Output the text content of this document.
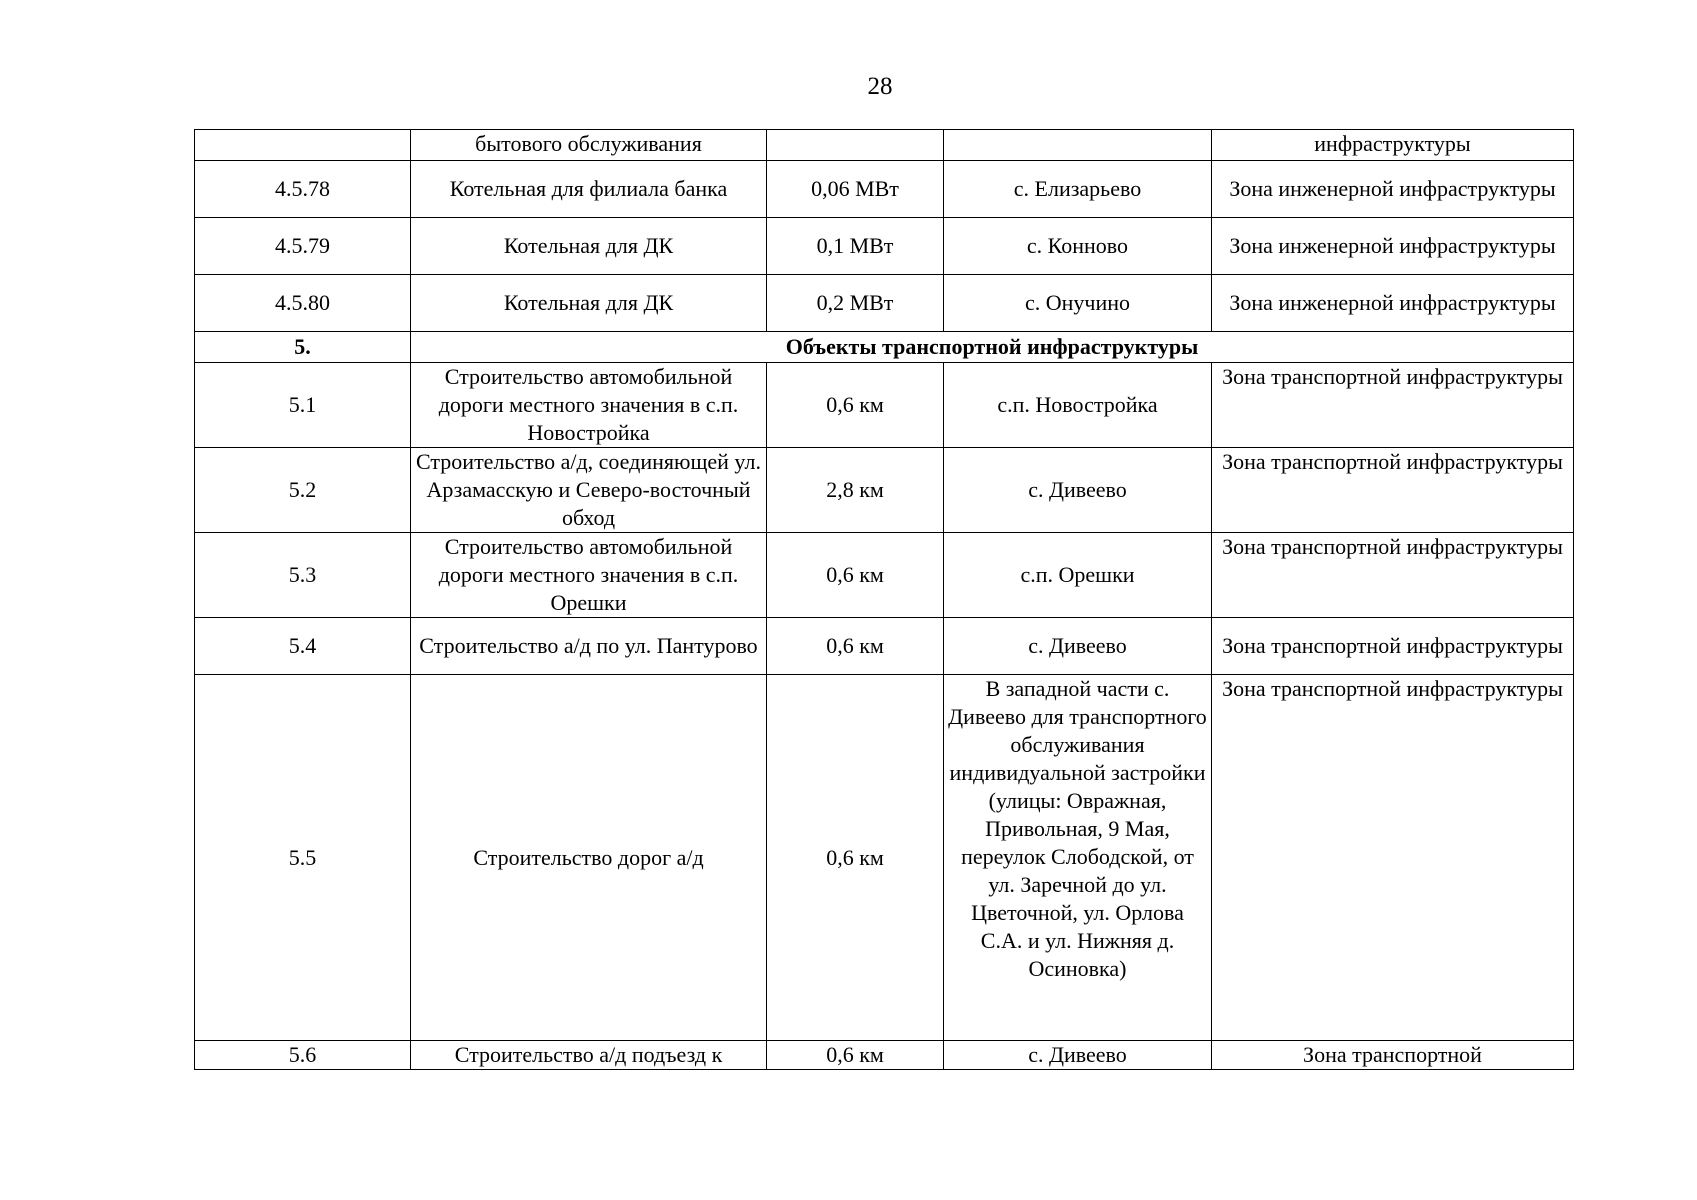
28
	бытового обслуживания			инфраструктуры
4.5.78	Котельная для филиала банка	0,06 МВт	с. Елизарьево	Зона инженерной инфраструктуры
4.5.79	Котельная для ДК	0,1 МВт	с. Конново	Зона инженерной инфраструктуры
4.5.80	Котельная для ДК	0,2 МВт	с. Онучино	Зона инженерной инфраструктуры
5.	Объекты транспортной инфраструктуры			
5.1	Строительство автомобильной дороги местного значения в с.п. Новостройка	0,6 км	с.п. Новостройка	Зона транспортной инфраструктуры
5.2	Строительство а/д, соединяющей ул. Арзамасскую и Северо-восточный обход	2,8 км	с. Дивеево	Зона транспортной инфраструктуры
5.3	Строительство автомобильной дороги местного значения в с.п. Орешки	0,6 км	с.п. Орешки	Зона транспортной инфраструктуры
5.4	Строительство а/д по ул. Пантурово	0,6 км	с. Дивеево	Зона транспортной инфраструктуры
5.5	Строительство дорог а/д	0,6 км	В западной части с. Дивеево для транспортного обслуживания индивидуальной застройки (улицы: Овражная, Привольная, 9 Мая, переулок Слободской, от ул. Заречной до ул. Цветочной, ул. Орлова С.А. и ул. Нижняя д. Осиновка)	Зона транспортной инфраструктуры
5.6	Строительство а/д подъезд к	0,6 км	с. Дивеево	Зона транспортной
